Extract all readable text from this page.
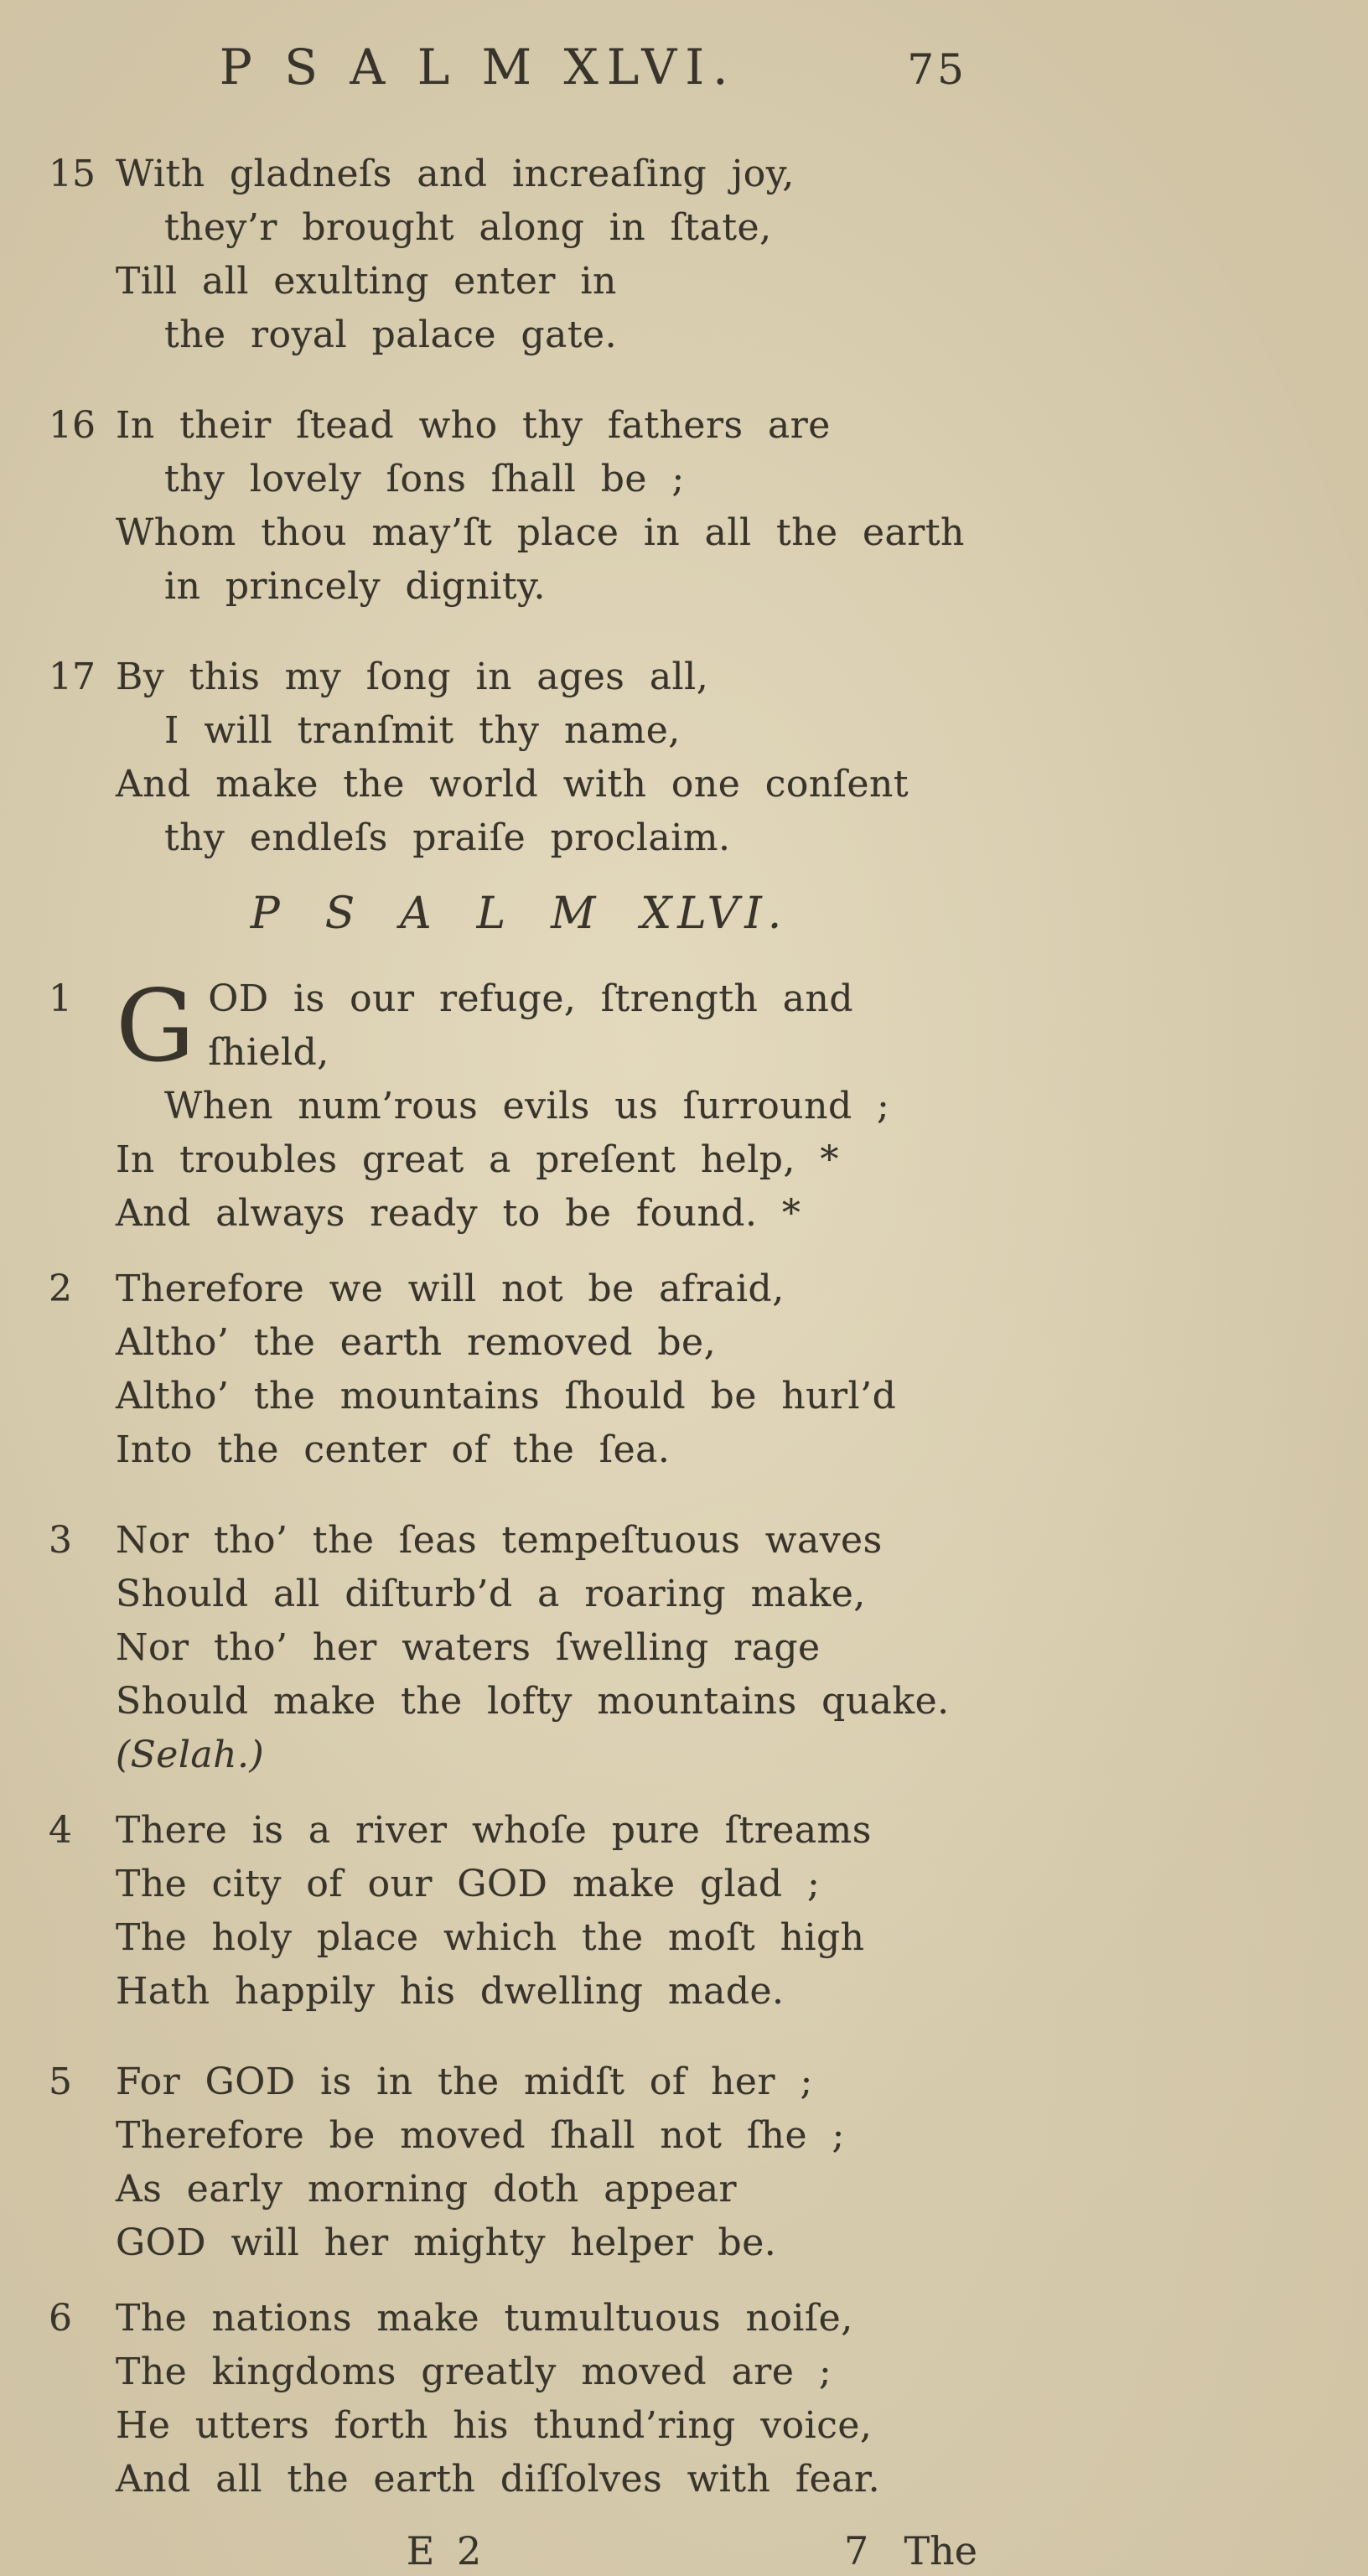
P S A L M XLVI.	75
15 With gladneſs and increaſing joy,
they’r brought along in ſtate,
Till all exulting enter in
the royal palace gate.
16 In their ſtead who thy fathers are
thy lovely ſons ſhall be ;
Whom thou may’ſt place in all the earth
in princely dignity.
17 By this my ſong in ages all,
I will tranſmit thy name,
And make the world with one conſent
thy endleſs praiſe proclaim.
P S A L M XLVI.
1 G OD is our refuge, ſtrength and ſhield,
When num’rous evils us ſurround ;
In troubles great a preſent help, *
And always ready to be found. *
2	Therefore we will not be afraid,
Altho’ the earth removed be,
Altho’ the mountains ſhould be hurl’d
Into the center of the ſea.
3	Nor tho’ the ſeas tempeſtuous waves
Should all diſturb’d a roaring make,
Nor tho’ her waters ſwelling rage
Should make the lofty mountains quake. (Selah.)
4	There is a river whoſe pure ſtreams
The city of our GOD make glad ;
The holy place which the moſt high
Hath happily his dwelling made.
5	For GOD is in the midſt of her ;
Therefore be moved ſhall not ſhe ;
As early morning doth appear
GOD will her mighty helper be.
6	The nations make tumultuous noiſe,
The kingdoms greatly moved are ;
He utters forth his thund’ring voice,
And all the earth diſſolves with fear.
E 2	7 The
